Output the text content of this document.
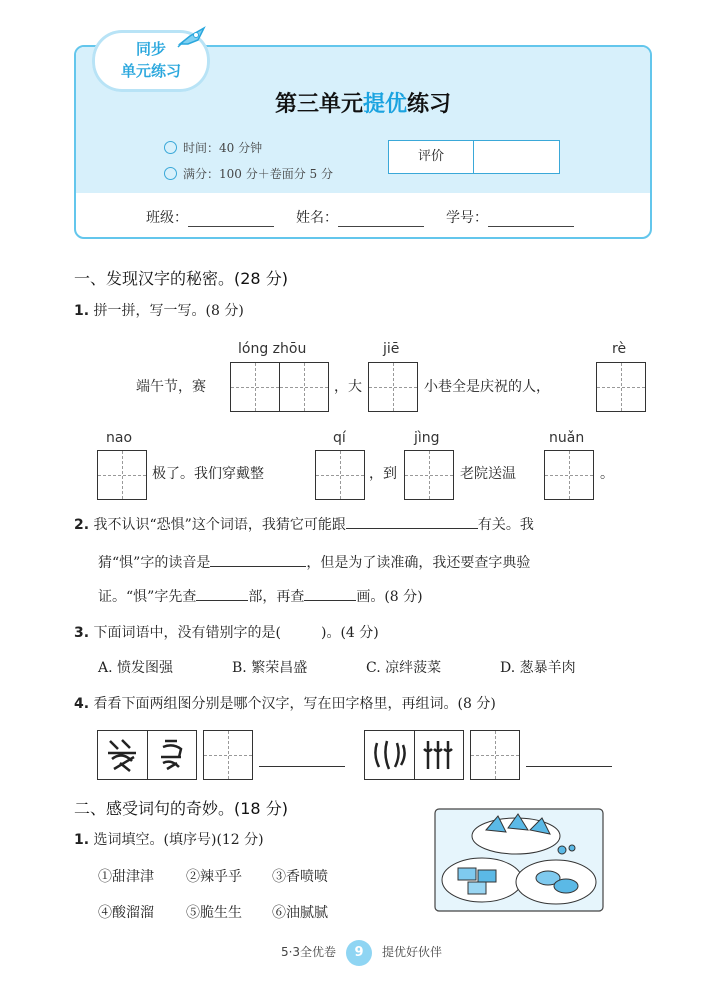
同步
单元练习
第三单元提优练习
时间：40 分钟
满分：100 分＋卷面分 5 分
评价
班级：	姓名：	学号：
一、发现汉字的秘密。(28 分)
1. 拼一拼，写一写。(8 分)
lóng zhōu	jiē	rè
端午节，赛	，大	小巷全是庆祝的人，
nao	qí	jìng	nuǎn
极了。我们穿戴整	，到	老院送温	。
2. 我不认识“恐惧”这个词语，我猜它可能跟	有关。我
猜“惧”字的读音是	，但是为了读准确，我还要查字典验
证。“惧”字先查	部，再查	画。(8 分)
3. 下面词语中，没有错别字的是(	)。(4 分)
A. 愤发图强	B. 繁荣昌盛	C. 凉绊菠菜	D. 葱暴羊肉
4. 看看下面两组图分别是哪个汉字，写在田字格里，再组词。(8 分)
二、感受词句的奇妙。(18 分)
1. 选词填空。(填序号)(12 分)
①甜津津 ②辣乎乎 ③香喷喷
④酸溜溜 ⑤脆生生 ⑥油腻腻
5·3全优卷 9 提优好伙伴
